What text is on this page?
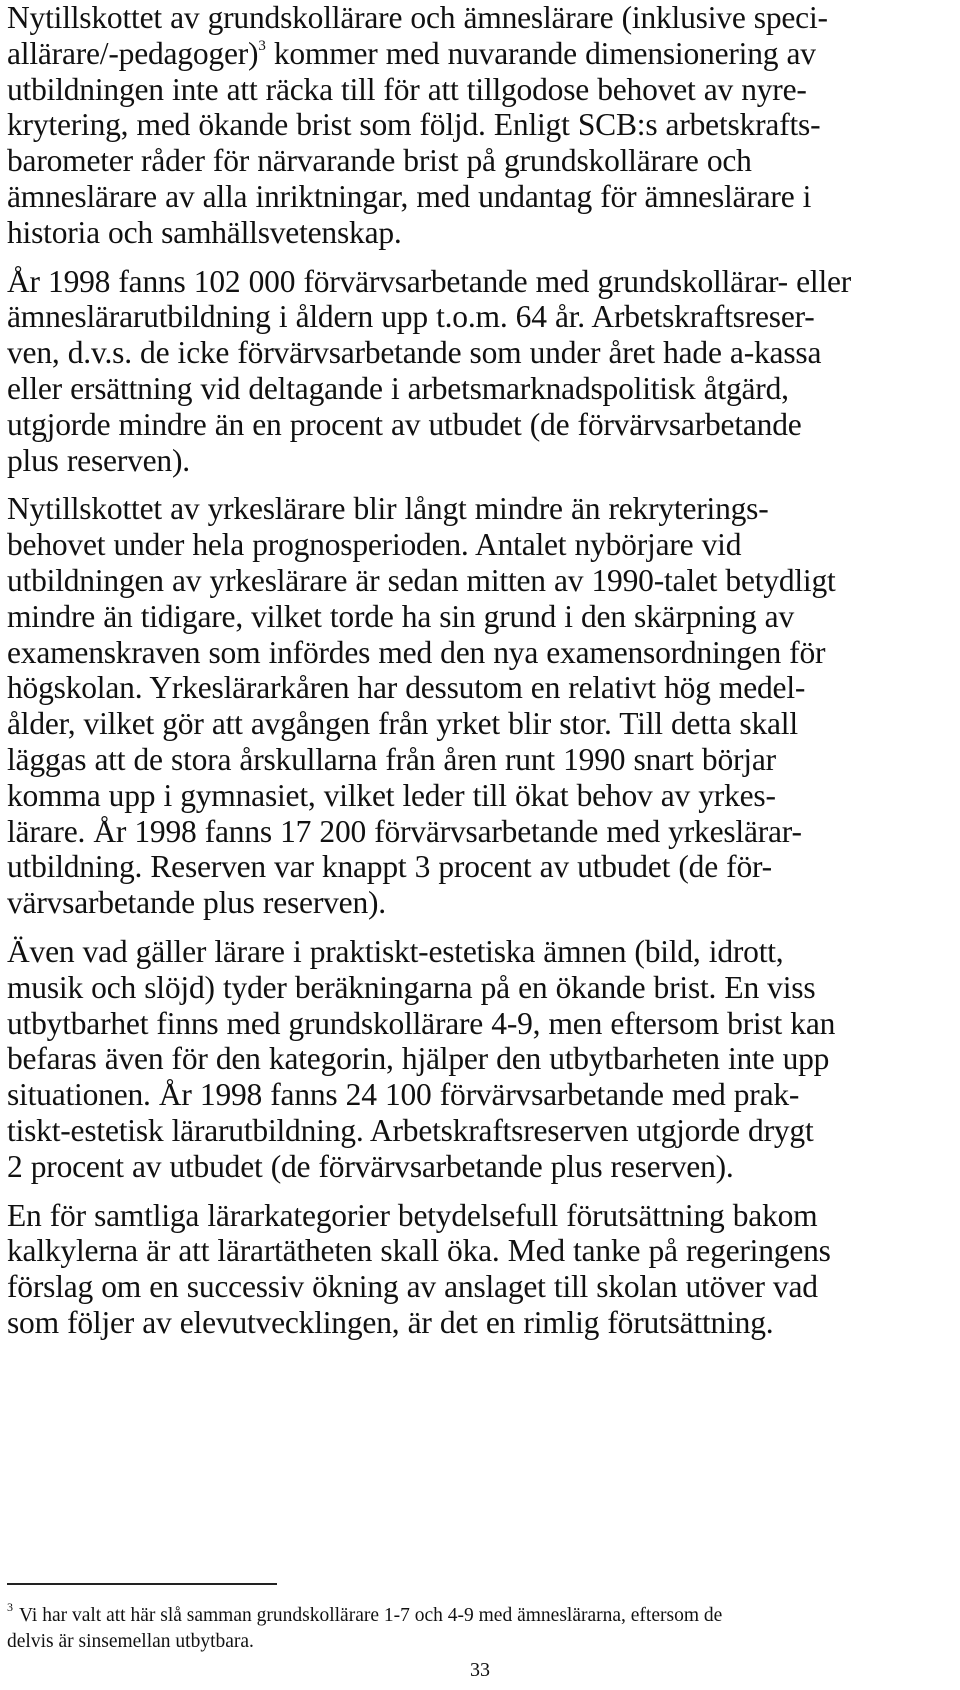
Nytillskottet av grundskollärare och ämneslärare (inklusive speci-
allärare/-pedagoger)$^3$ kommer med nuvarande dimensionering av
utbildningen inte att räcka till för att tillgodose behovet av nyre-
krytering, med ökande brist som följd. Enligt SCB:s arbetskrafts-
barometer råder för närvarande brist på grundskollärare och
ämneslärare av alla inriktningar, med undantag för ämneslärare i
historia och samhällsvetenskap.

År 1998 fanns 102 000 förvärvsarbetande med grundskollärar- eller
ämneslärarutbildning i åldern upp t.o.m. 64 år. Arbetskraftsreser-
ven, d.v.s. de icke förvärvsarbetande som under året hade a-kassa
eller ersättning vid deltagande i arbetsmarknadspolitisk åtgärd,
utgjorde mindre än en procent av utbudet (de förvärvsarbetande
plus reserven).

Nytillskottet av yrkeslärare blir långt mindre än rekryterings-
behovet under hela prognosperioden. Antalet nybörjare vid
utbildningen av yrkeslärare är sedan mitten av 1990-talet betydligt
mindre än tidigare, vilket torde ha sin grund i den skärpning av
examenskraven som infördes med den nya examensordningen för
högskolan. Yrkeslärarkåren har dessutom en relativt hög medel-
ålder, vilket gör att avgången från yrket blir stor. Till detta skall
läggas att de stora årskullarna från åren runt 1990 snart börjar
komma upp i gymnasiet, vilket leder till ökat behov av yrkes-
lärare. År 1998 fanns 17 200 förvärvsarbetande med yrkeslärar-
utbildning. Reserven var knappt 3 procent av utbudet (de för-
värvsarbetande plus reserven).

Även vad gäller lärare i praktiskt-estetiska ämnen (bild, idrott,
musik och slöjd) tyder beräkningarna på en ökande brist. En viss
utbytbarhet finns med grundskollärare 4-9, men eftersom brist kan
befaras även för den kategorin, hjälper den utbytbarheten inte upp
situationen. År 1998 fanns 24 100 förvärvsarbetande med prak-
tiskt-estetisk lärarutbildning. Arbetskraftsreserven utgjorde drygt
2 procent av utbudet (de förvärvsarbetande plus reserven).

En för samtliga lärarkategorier betydelsefull förutsättning bakom
kalkylerna är att lärartätheten skall öka. Med tanke på regeringens
förslag om en successiv ökning av anslaget till skolan utöver vad
som följer av elevutvecklingen, är det en rimlig förutsättning.

$^3$ Vi har valt att här slå samman grundskollärare 1-7 och 4-9 med ämneslärarna, eftersom de
delvis är sinsemellan utbytbara.
33
